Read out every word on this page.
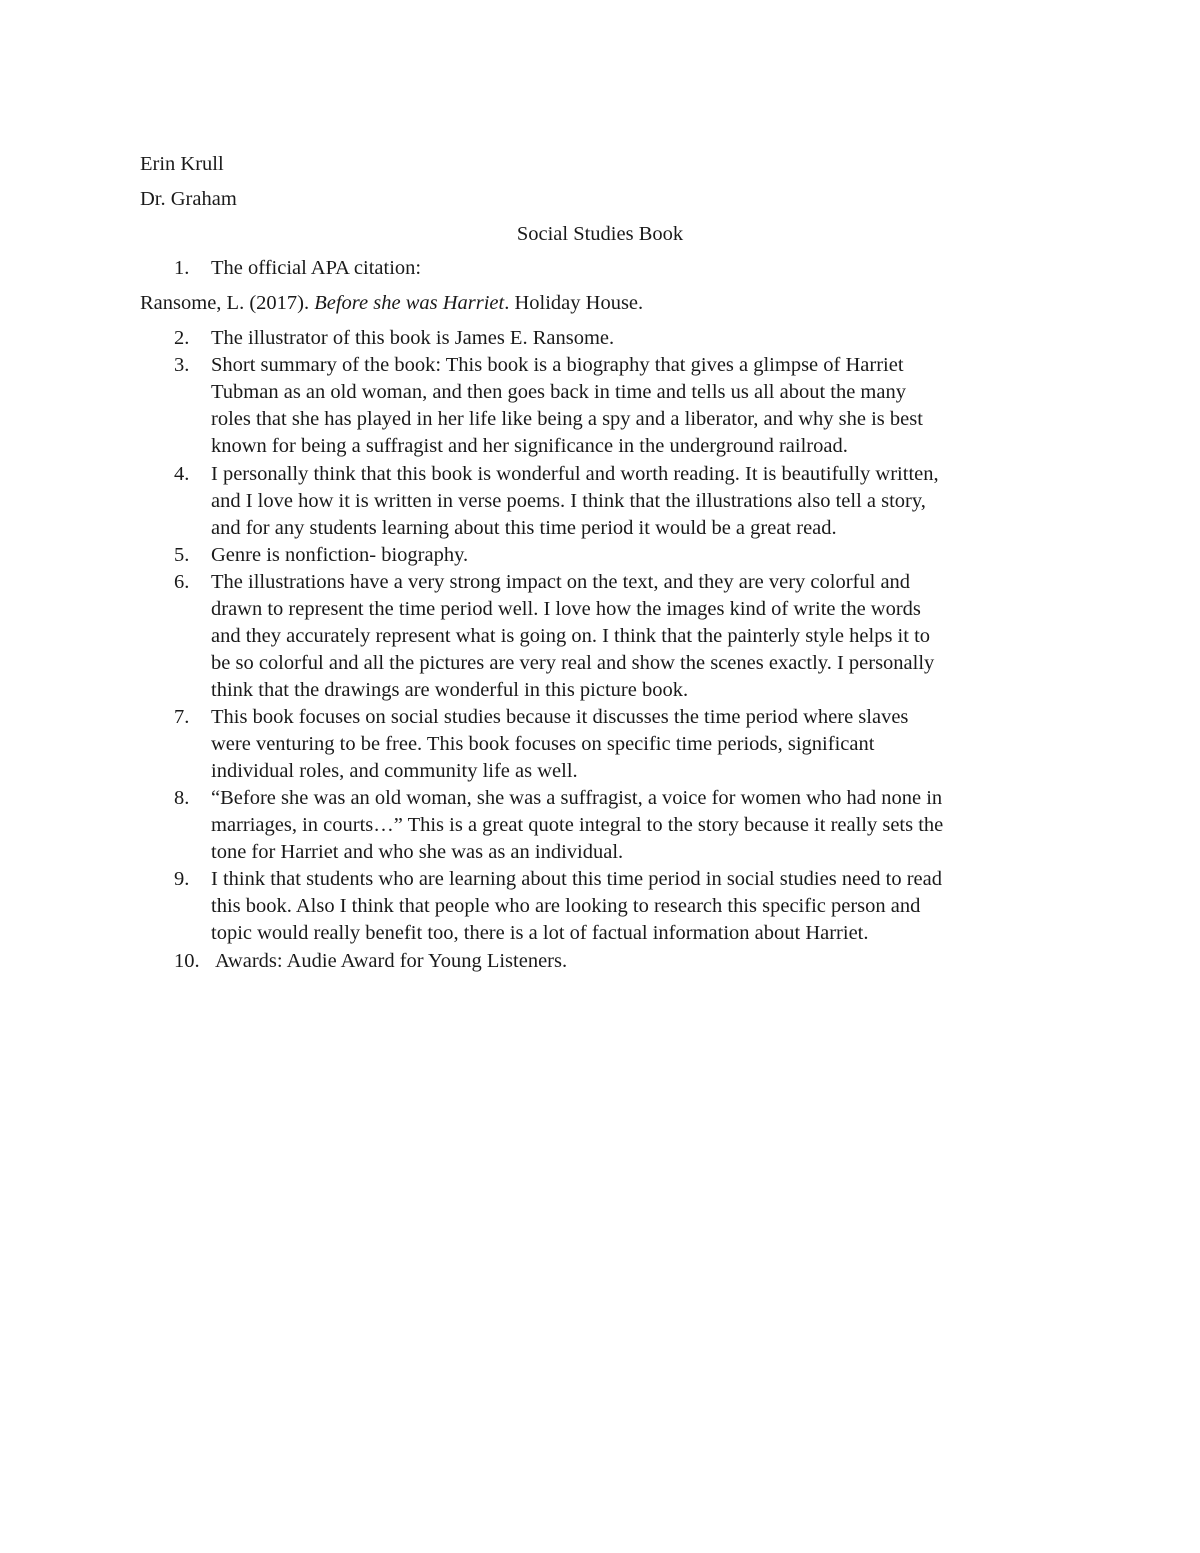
Erin Krull
Dr. Graham
Social Studies Book
Ransome, L. (2017). Before she was Harriet. Holiday House.
1. The official APA citation:
2. The illustrator of this book is James E. Ransome.
3. Short summary of the book: This book is a biography that gives a glimpse of Harriet
Tubman as an old woman, and then goes back in time and tells us all about the many
roles that she has played in her life like being a spy and a liberator, and why she is best
known for being a suffragist and her significance in the underground railroad.
4. I personally think that this book is wonderful and worth reading. It is beautifully written,
and I love how it is written in verse poems. I think that the illustrations also tell a story,
and for any students learning about this time period it would be a great read.
5. Genre is nonfiction- biography.
6. The illustrations have a very strong impact on the text, and they are very colorful and
drawn to represent the time period well. I love how the images kind of write the words
and they accurately represent what is going on. I think that the painterly style helps it to
be so colorful and all the pictures are very real and show the scenes exactly. I personally
think that the drawings are wonderful in this picture book.
7. This book focuses on social studies because it discusses the time period where slaves
were venturing to be free. This book focuses on specific time periods, significant
individual roles, and community life as well.
8. “Before she was an old woman, she was a suffragist, a voice for women who had none in
marriages, in courts…” This is a great quote integral to the story because it really sets the
tone for Harriet and who she was as an individual.
9. I think that students who are learning about this time period in social studies need to read
this book. Also I think that people who are looking to research this specific person and
topic would really benefit too, there is a lot of factual information about Harriet.
10. Awards: Audie Award for Young Listeners.
